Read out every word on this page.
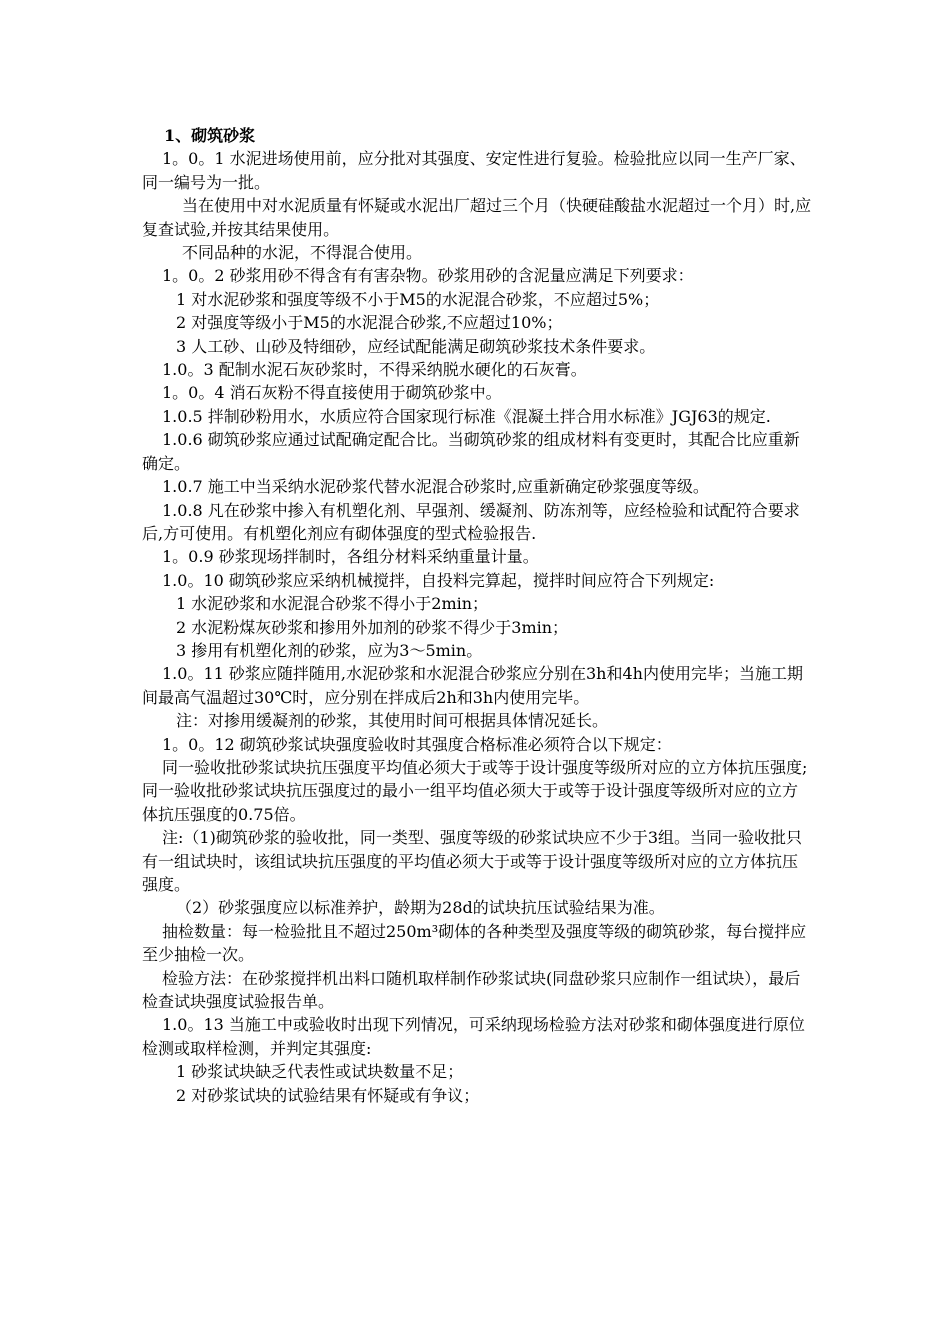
1、砌筑砂浆

1。0。1 水泥进场使用前，应分批对其强度、安定性进行复验。检验批应以同一生产厂家、同一编号为一批。

当在使用中对水泥质量有怀疑或水泥出厂超过三个月（快硬硅酸盐水泥超过一个月）时,应复查试验,并按其结果使用。

不同品种的水泥，不得混合使用。

1。0。2 砂浆用砂不得含有有害杂物。砂浆用砂的含泥量应满足下列要求：

1 对水泥砂浆和强度等级不小于M5的水泥混合砂浆，不应超过5%；

2 对强度等级小于M5的水泥混合砂浆,不应超过10%；

3 人工砂、山砂及特细砂，应经试配能满足砌筑砂浆技术条件要求。

1.0。3 配制水泥石灰砂浆时，不得采纳脱水硬化的石灰膏。

1。0。4 消石灰粉不得直接使用于砌筑砂浆中。

1.0.5 拌制砂粉用水，水质应符合国家现行标准《混凝土拌合用水标准》JGJ63的规定.

1.0.6 砌筑砂浆应通过试配确定配合比。当砌筑砂浆的组成材料有变更时，其配合比应重新确定。

1.0.7 施工中当采纳水泥砂浆代替水泥混合砂浆时,应重新确定砂浆强度等级。

1.0.8 凡在砂浆中掺入有机塑化剂、早强剂、缓凝剂、防冻剂等，应经检验和试配符合要求后,方可使用。有机塑化剂应有砌体强度的型式检验报告.

1。0.9 砂浆现场拌制时，各组分材料采纳重量计量。

1.0。10 砌筑砂浆应采纳机械搅拌，自投料完算起，搅拌时间应符合下列规定:

1 水泥砂浆和水泥混合砂浆不得小于2min；

2 水泥粉煤灰砂浆和掺用外加剂的砂浆不得少于3min；

3 掺用有机塑化剂的砂浆，应为3～5min。

1.0。11 砂浆应随拌随用,水泥砂浆和水泥混合砂浆应分别在3h和4h内使用完毕；当施工期间最高气温超过30℃时，应分别在拌成后2h和3h内使用完毕。

注：对掺用缓凝剂的砂浆，其使用时间可根据具体情况延长。

1。0。12 砌筑砂浆试块强度验收时其强度合格标准必须符合以下规定：

同一验收批砂浆试块抗压强度平均值必须大于或等于设计强度等级所对应的立方体抗压强度;同一验收批砂浆试块抗压强度过的最小一组平均值必须大于或等于设计强度等级所对应的立方体抗压强度的0.75倍。

注:（1)砌筑砂浆的验收批，同一类型、强度等级的砂浆试块应不少于3组。当同一验收批只有一组试块时，该组试块抗压强度的平均值必须大于或等于设计强度等级所对应的立方体抗压强度。

（2）砂浆强度应以标准养护，龄期为28d的试块抗压试验结果为准。

抽检数量：每一检验批且不超过250m³砌体的各种类型及强度等级的砌筑砂浆，每台搅拌应至少抽检一次。

检验方法：在砂浆搅拌机出料口随机取样制作砂浆试块(同盘砂浆只应制作一组试块），最后检查试块强度试验报告单。

1.0。13 当施工中或验收时出现下列情况，可采纳现场检验方法对砂浆和砌体强度进行原位检测或取样检测，并判定其强度:

1 砂浆试块缺乏代表性或试块数量不足；

2 对砂浆试块的试验结果有怀疑或有争议；
